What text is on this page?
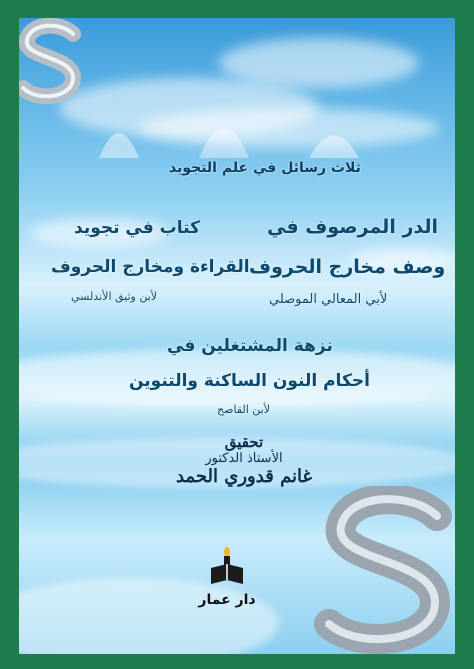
ثلاث رسائل في علم التجويد
الدر المرصوف في
وصف مخارج الحروف
لأبي المعالي الموصلي
كتاب في تجويد
القراءة ومخارج الحروف
لأبن وثيق الأندلسي
نزهة المشتغلين في
أحكام النون الساكنة والتنوين
لأبن القاصح
تحقيق
الأستاذ الدكتور
غانم قدوري الحمد
دار عمار
